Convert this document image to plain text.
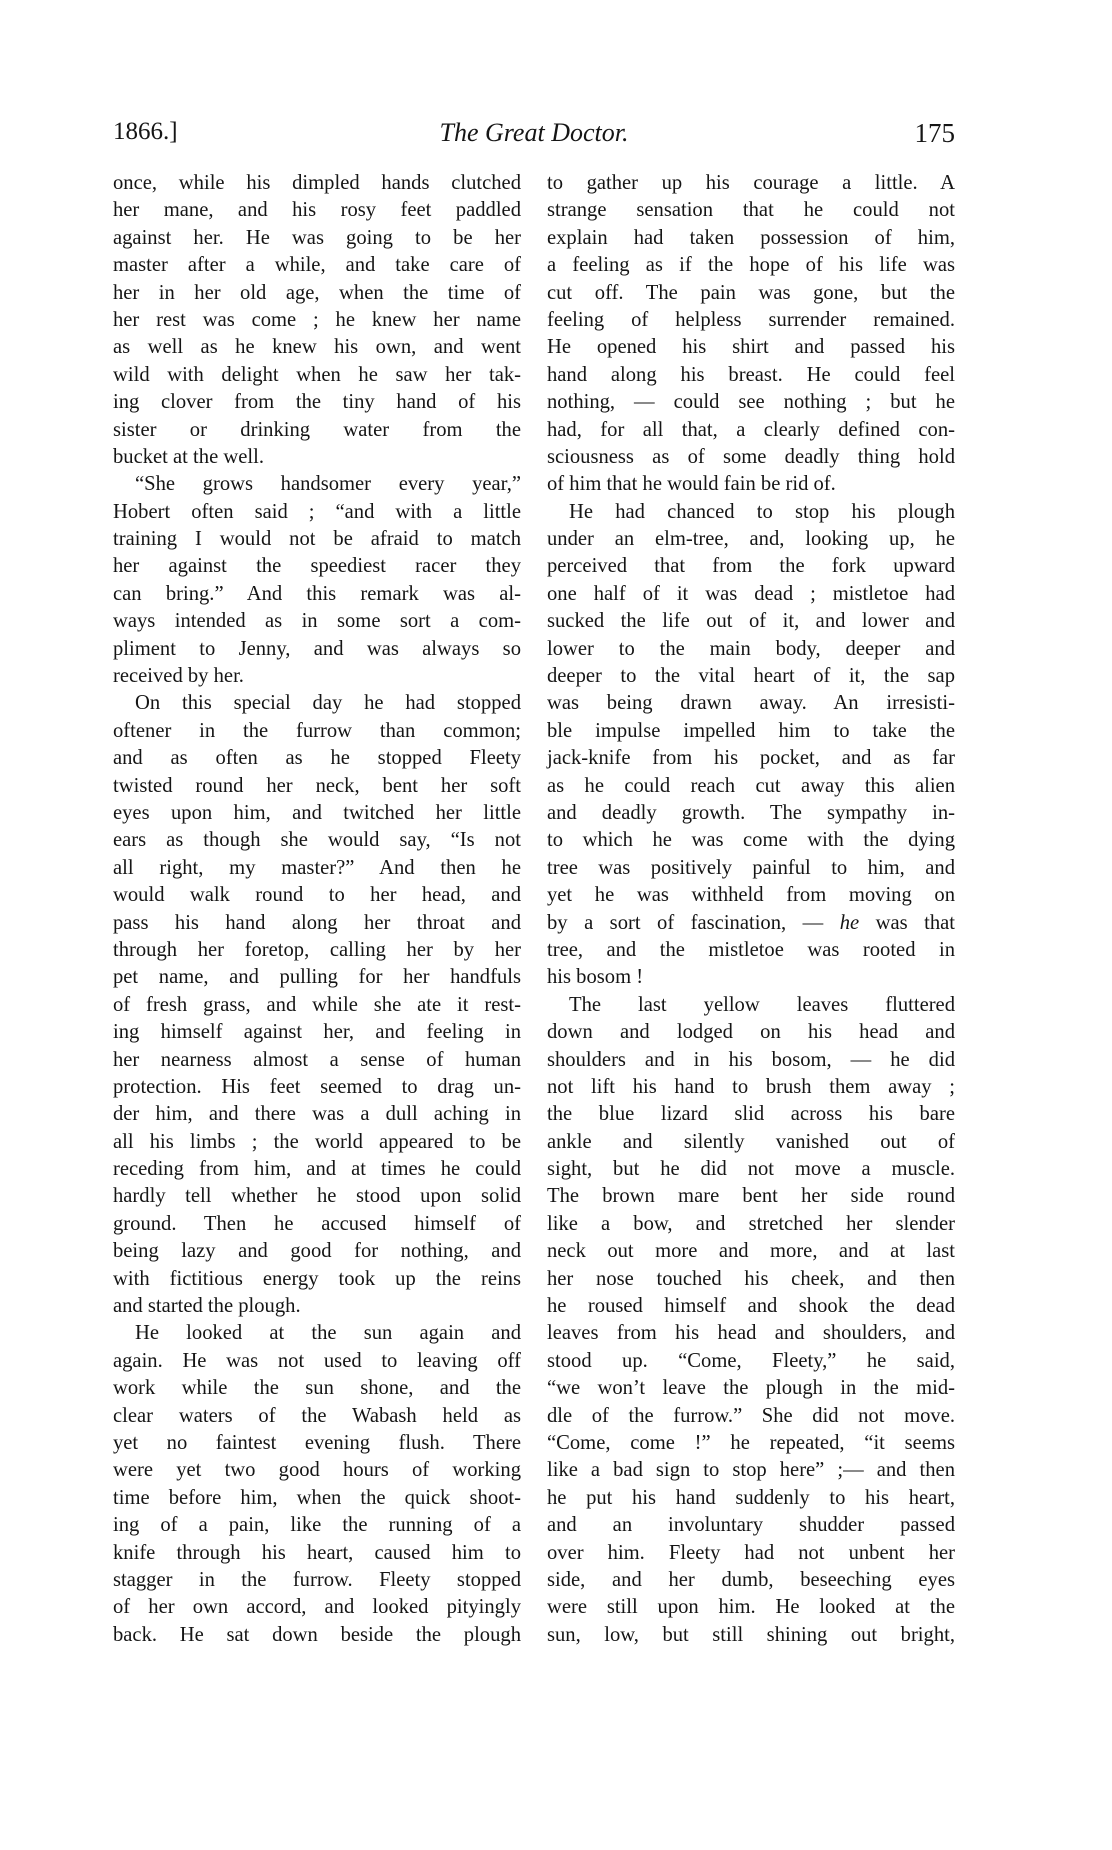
1866.]	The Great Doctor.	175
once, while his dimpled hands clutched
her mane, and his rosy feet paddled
against her. He was going to be her
master after a while, and take care of
her in her old age, when the time of
her rest was come ; he knew her name
as well as he knew his own, and went
wild with delight when he saw her tak-
ing clover from the tiny hand of his
sister or drinking water from the
bucket at the well.
“She grows handsomer every year,”
Hobert often said ; “and with a little
training I would not be afraid to match
her against the speediest racer they
can bring.” And this remark was al-
ways intended as in some sort a com-
pliment to Jenny, and was always so
received by her.
On this special day he had stopped
oftener in the furrow than common;
and as often as he stopped Fleety
twisted round her neck, bent her soft
eyes upon him, and twitched her little
ears as though she would say, “Is not
all right, my master?” And then he
would walk round to her head, and
pass his hand along her throat and
through her foretop, calling her by her
pet name, and pulling for her handfuls
of fresh grass, and while she ate it rest-
ing himself against her, and feeling in
her nearness almost a sense of human
protection. His feet seemed to drag un-
der him, and there was a dull aching in
all his limbs ; the world appeared to be
receding from him, and at times he could
hardly tell whether he stood upon solid
ground. Then he accused himself of
being lazy and good for nothing, and
with fictitious energy took up the reins
and started the plough.
He looked at the sun again and
again. He was not used to leaving off
work while the sun shone, and the
clear waters of the Wabash held as
yet no faintest evening flush. There
were yet two good hours of working
time before him, when the quick shoot-
ing of a pain, like the running of a
knife through his heart, caused him to
stagger in the furrow. Fleety stopped
of her own accord, and looked pityingly
back. He sat down beside the plough
to gather up his courage a little. A
strange sensation that he could not
explain had taken possession of him,
a feeling as if the hope of his life was
cut off. The pain was gone, but the
feeling of helpless surrender remained.
He opened his shirt and passed his
hand along his breast. He could feel
nothing, — could see nothing ; but he
had, for all that, a clearly defined con-
sciousness as of some deadly thing hold
of him that he would fain be rid of.
He had chanced to stop his plough
under an elm-tree, and, looking up, he
perceived that from the fork upward
one half of it was dead ; mistletoe had
sucked the life out of it, and lower and
lower to the main body, deeper and
deeper to the vital heart of it, the sap
was being drawn away. An irresisti-
ble impulse impelled him to take the
jack-knife from his pocket, and as far
as he could reach cut away this alien
and deadly growth. The sympathy in-
to which he was come with the dying
tree was positively painful to him, and
yet he was withheld from moving on
by a sort of fascination, — he was that
tree, and the mistletoe was rooted in
his bosom !
The last yellow leaves fluttered
down and lodged on his head and
shoulders and in his bosom, — he did
not lift his hand to brush them away ;
the blue lizard slid across his bare
ankle and silently vanished out of
sight, but he did not move a muscle.
The brown mare bent her side round
like a bow, and stretched her slender
neck out more and more, and at last
her nose touched his cheek, and then
he roused himself and shook the dead
leaves from his head and shoulders, and
stood up. “Come, Fleety,” he said,
“we won’t leave the plough in the mid-
dle of the furrow.” She did not move.
“Come, come !” he repeated, “it seems
like a bad sign to stop here” ;— and then
he put his hand suddenly to his heart,
and an involuntary shudder passed
over him. Fleety had not unbent her
side, and her dumb, beseeching eyes
were still upon him. He looked at the
sun, low, but still shining out bright,
